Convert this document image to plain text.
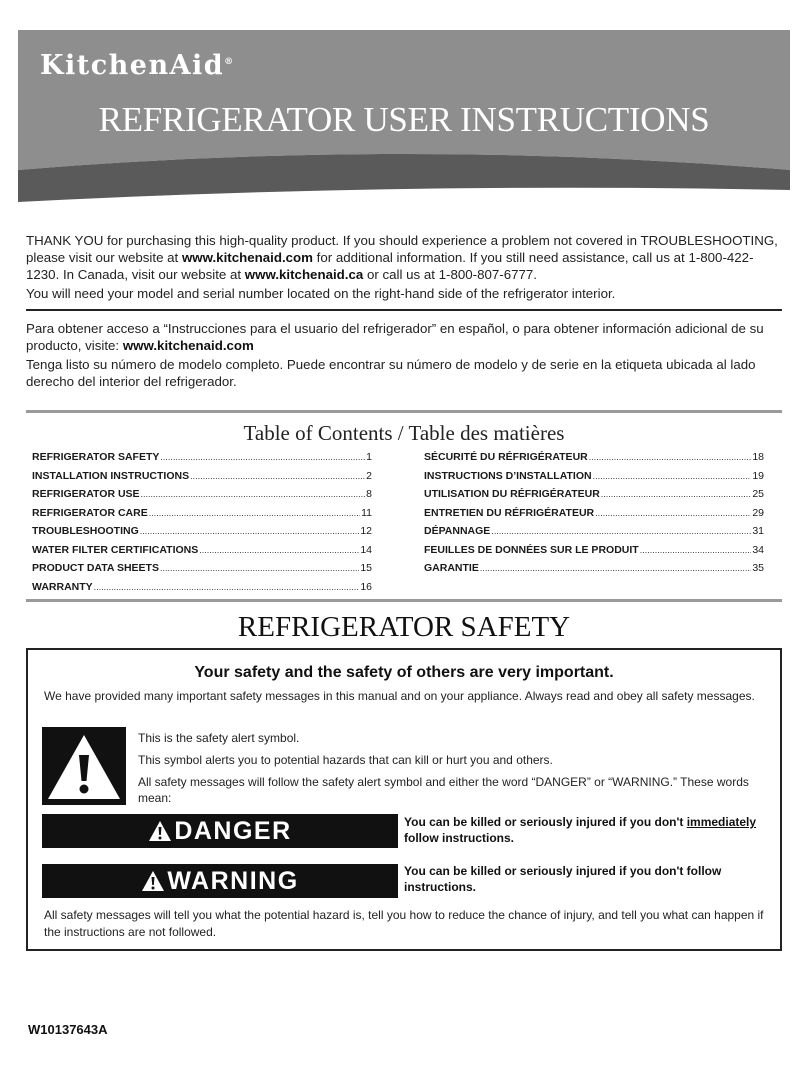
KitchenAid®
REFRIGERATOR USER INSTRUCTIONS

THANK YOU for purchasing this high-quality product. If you should experience a problem not covered in TROUBLESHOOTING, please visit our website at www.kitchenaid.com for additional information. If you still need assistance, call us at 1-800-422-1230. In Canada, visit our website at www.kitchenaid.ca or call us at 1-800-807-6777.

You will need your model and serial number located on the right-hand side of the refrigerator interior.

Para obtener acceso a “Instrucciones para el usuario del refrigerador” en español, o para obtener información adicional de su producto, visite: www.kitchenaid.com

Tenga listo su número de modelo completo. Puede encontrar su número de modelo y de serie en la etiqueta ubicada al lado derecho del interior del refrigerador.

Table of Contents / Table des matières
REFRIGERATOR SAFETY .....	1
INSTALLATION INSTRUCTIONS .....	2
REFRIGERATOR USE .....	8
REFRIGERATOR CARE .....	11
TROUBLESHOOTING .....	12
WATER FILTER CERTIFICATIONS .....	14
PRODUCT DATA SHEETS .....	15
WARRANTY .....	16
SÉCURITÉ DU RÉFRIGÉRATEUR .....	18
INSTRUCTIONS D’INSTALLATION .....	19
UTILISATION DU RÉFRIGÉRATEUR .....	25
ENTRETIEN DU RÉFRIGÉRATEUR .....	29
DÉPANNAGE .....	31
FEUILLES DE DONNÉES SUR LE PRODUIT .....	34
GARANTIE .....	35
REFRIGERATOR SAFETY
Your safety and the safety of others are very important.
We have provided many important safety messages in this manual and on your appliance. Always read and obey all safety messages.
This is the safety alert symbol.
This symbol alerts you to potential hazards that can kill or hurt you and others.
All safety messages will follow the safety alert symbol and either the word “DANGER” or “WARNING.” These words mean:
DANGER	You can be killed or seriously injured if you don't immediately follow instructions.
WARNING	You can be killed or seriously injured if you don't follow instructions.
All safety messages will tell you what the potential hazard is, tell you how to reduce the chance of injury, and tell you what can happen if the instructions are not followed.
W10137643A
